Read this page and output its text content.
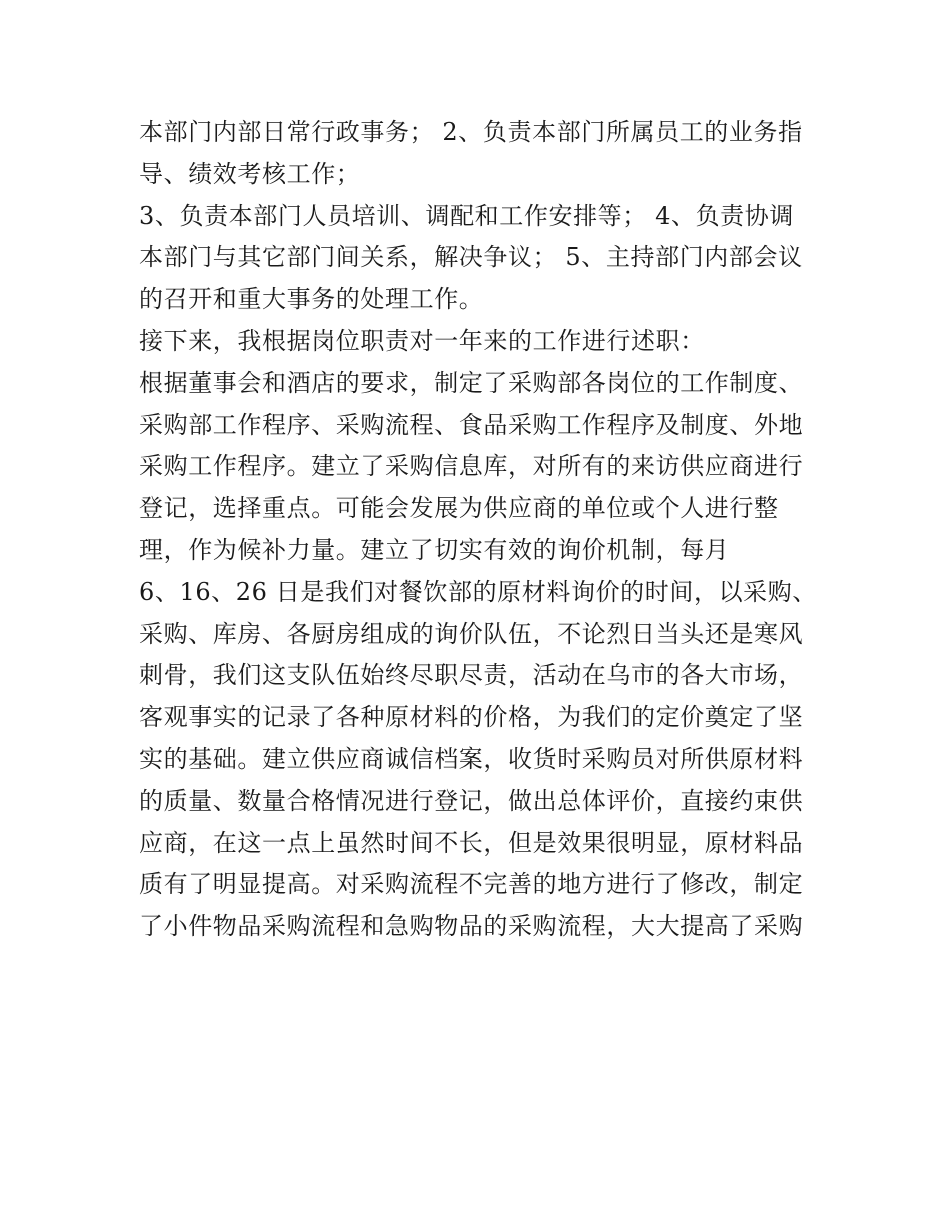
本部门内部日常行政事务； 2、负责本部门所属员工的业务指
导、绩效考核工作；
3、负责本部门人员培训、调配和工作安排等； 4、负责协调
本部门与其它部门间关系，解决争议； 5、主持部门内部会议
的召开和重大事务的处理工作。
接下来，我根据岗位职责对一年来的工作进行述职：
根据董事会和酒店的要求，制定了采购部各岗位的工作制度、
采购部工作程序、采购流程、食品采购工作程序及制度、外地
采购工作程序。建立了采购信息库，对所有的来访供应商进行
登记，选择重点。可能会发展为供应商的单位或个人进行整
理，作为候补力量。建立了切实有效的询价机制，每月
6、16、26 日是我们对餐饮部的原材料询价的时间，以采购、
采购、库房、各厨房组成的询价队伍，不论烈日当头还是寒风
刺骨，我们这支队伍始终尽职尽责，活动在乌市的各大市场，
客观事实的记录了各种原材料的价格，为我们的定价奠定了坚
实的基础。建立供应商诚信档案，收货时采购员对所供原材料
的质量、数量合格情况进行登记，做出总体评价，直接约束供
应商，在这一点上虽然时间不长，但是效果很明显，原材料品
质有了明显提高。对采购流程不完善的地方进行了修改，制定
了小件物品采购流程和急购物品的采购流程，大大提高了采购
